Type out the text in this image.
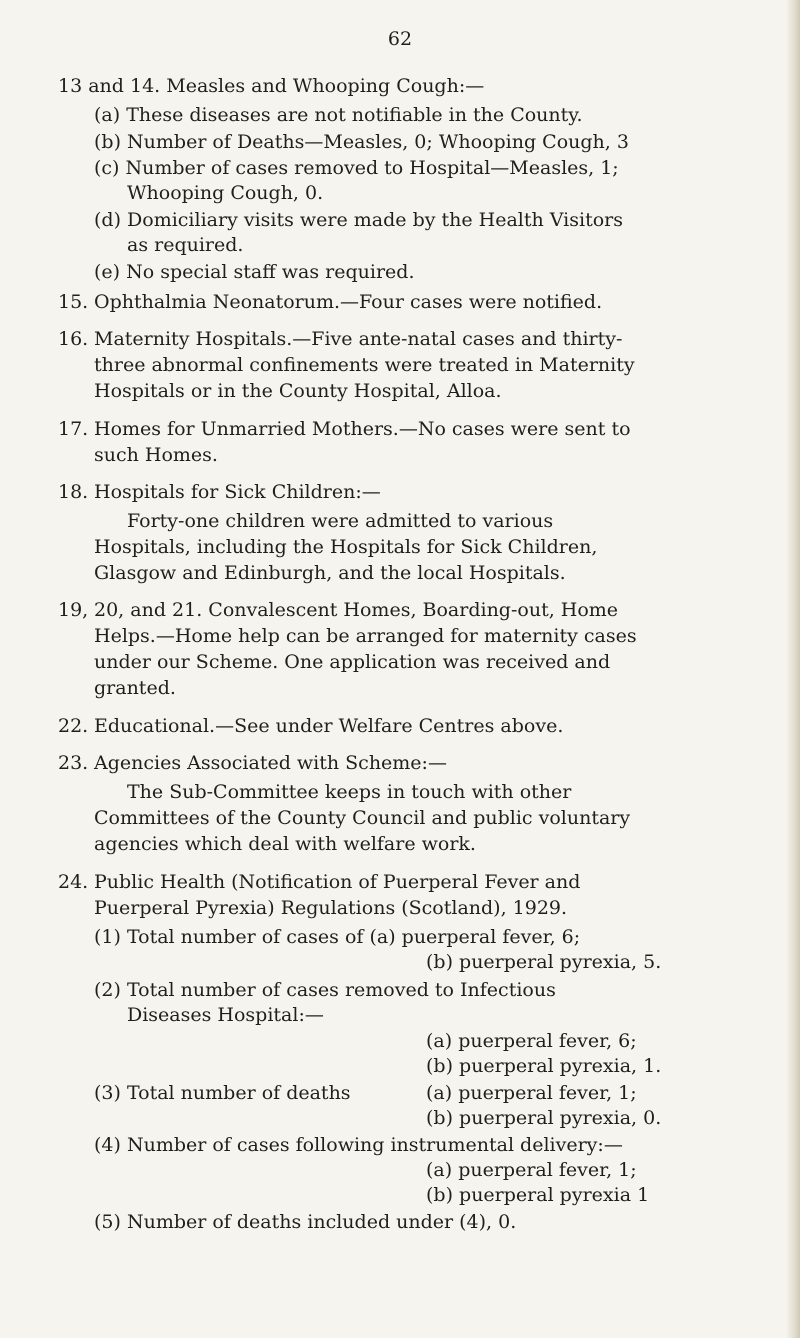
62
13 and 14. Measles and Whooping Cough:—
(a) These diseases are not notifiable in the County.
(b) Number of Deaths—Measles, 0; Whooping Cough, 3
(c) Number of cases removed to Hospital—Measles, 1;
Whooping Cough, 0.
(d) Domiciliary visits were made by the Health Visitors
as required.
(e) No special staff was required.
15. Ophthalmia Neonatorum.—Four cases were notified.
16. Maternity Hospitals.—Five ante-natal cases and thirty-
three abnormal confinements were treated in Maternity
Hospitals or in the County Hospital, Alloa.
17. Homes for Unmarried Mothers.—No cases were sent to
such Homes.
18. Hospitals for Sick Children:—
Forty-one children were admitted to various
Hospitals, including the Hospitals for Sick Children,
Glasgow and Edinburgh, and the local Hospitals.
19, 20, and 21. Convalescent Homes, Boarding-out, Home
Helps.—Home help can be arranged for maternity cases
under our Scheme. One application was received and
granted.
22. Educational.—See under Welfare Centres above.
23. Agencies Associated with Scheme:—
The Sub-Committee keeps in touch with other
Committees of the County Council and public voluntary
agencies which deal with welfare work.
24. Public Health (Notification of Puerperal Fever and
Puerperal Pyrexia) Regulations (Scotland), 1929.
(1) Total number of cases of (a) puerperal fever, 6;
(b) puerperal pyrexia, 5.
(2) Total number of cases removed to Infectious
Diseases Hospital:—
(a) puerperal fever, 6;
(b) puerperal pyrexia, 1.
(3) Total number of deaths	(a) puerperal fever, 1;
(b) puerperal pyrexia, 0.
(4) Number of cases following instrumental delivery:—
(a) puerperal fever, 1;
(b) puerperal pyrexia 1
(5) Number of deaths included under (4), 0.
